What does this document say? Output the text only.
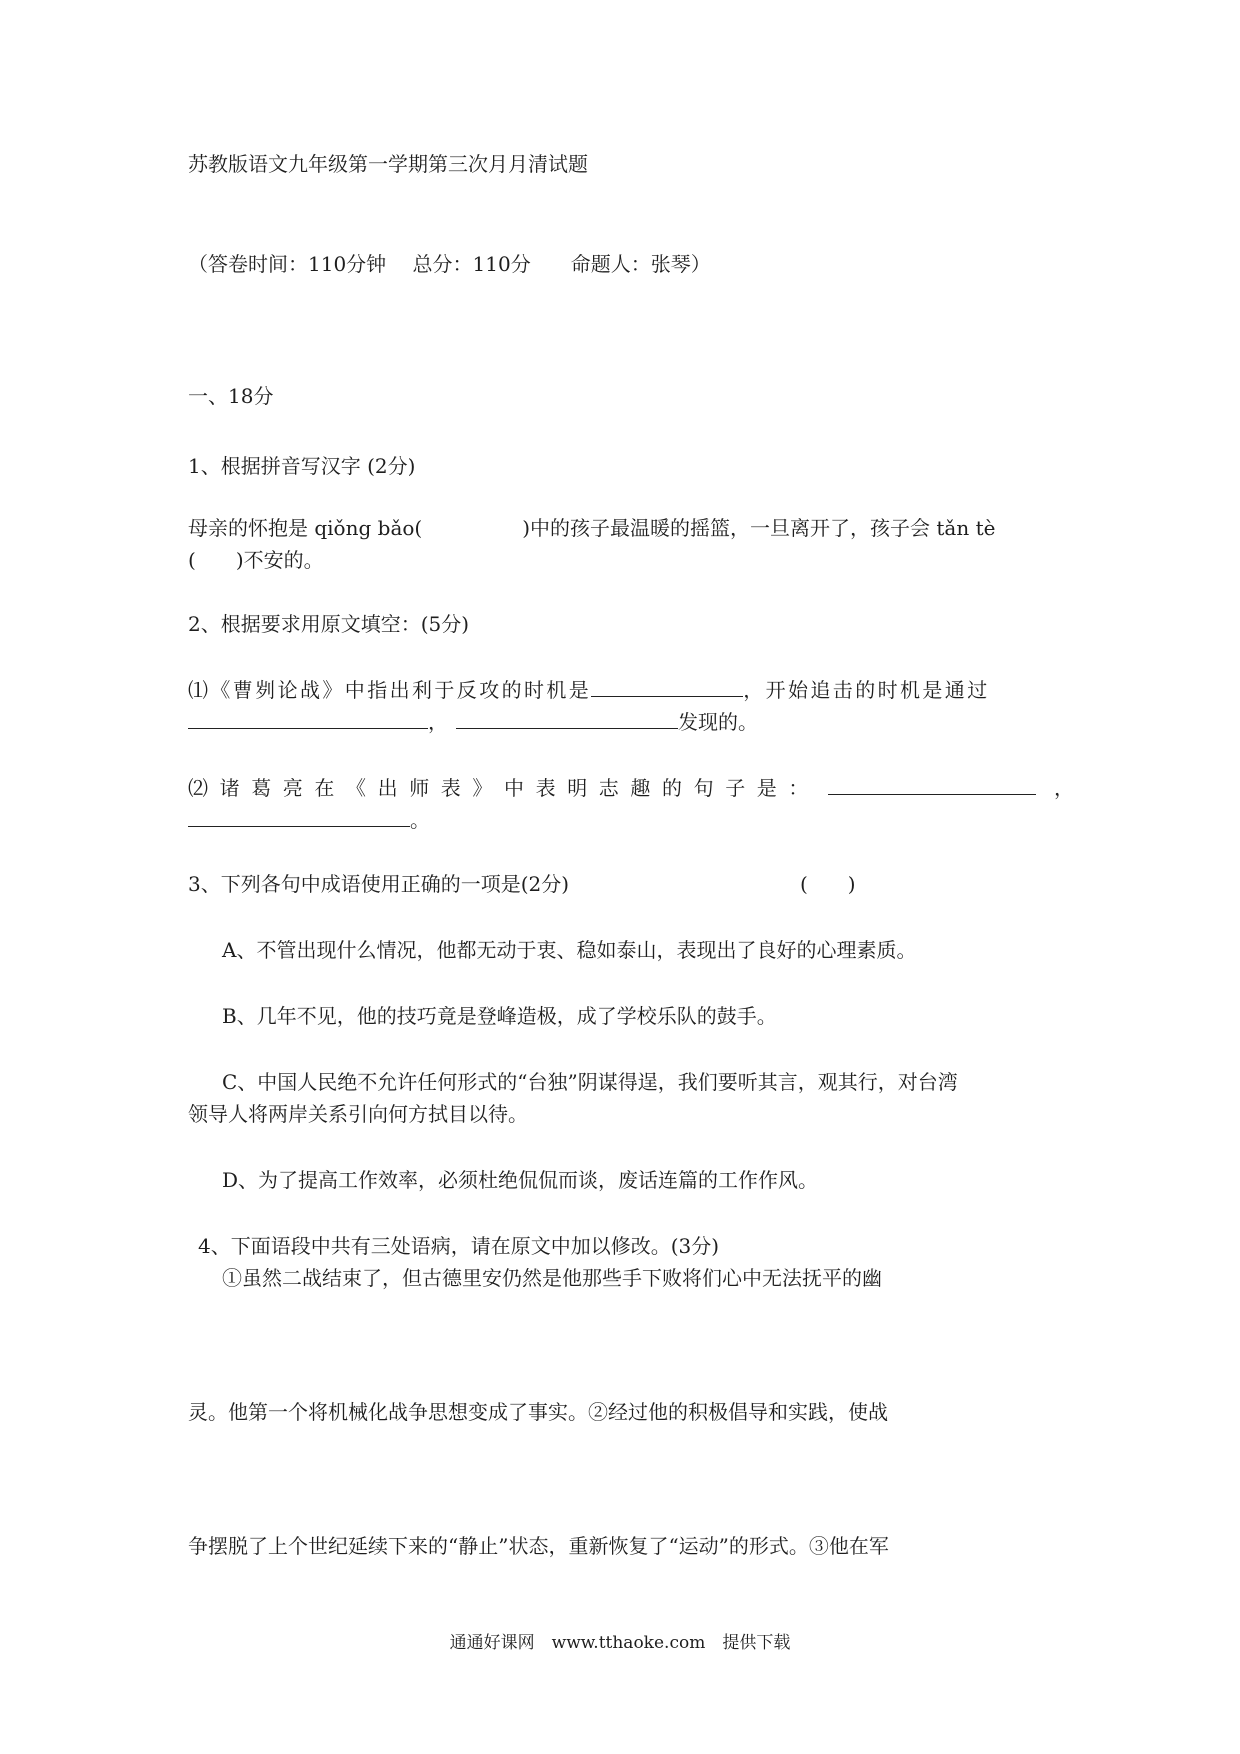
苏教版语文九年级第一学期第三次月月清试题
（答卷时间：110分钟　 总分：110分　　命题人：张琴）
一、18分
1、根据拼音写汉字 (2分)
母亲的怀抱是 qiǒng bǎo(	)中的孩子最温暖的摇篮，一旦离开了，孩子会 tǎn tè
( )不安的。
2、根据要求用原文填空：(5分)
⑴《曹刿论战》中指出利于反攻的时机是	，开始追击的时机是通过
，	发现的。
⑵诸葛亮在《出师表》中表明志趣的句子是：	，
。
3、下列各句中成语使用正确的一项是(2分)	(　　)
A、不管出现什么情况，他都无动于衷、稳如泰山，表现出了良好的心理素质。
B、几年不见，他的技巧竟是登峰造极，成了学校乐队的鼓手。
C、中国人民绝不允许任何形式的“台独”阴谋得逞，我们要听其言，观其行，对台湾
领导人将两岸关系引向何方拭目以待。
D、为了提高工作效率，必须杜绝侃侃而谈，废话连篇的工作作风。
4、下面语段中共有三处语病，请在原文中加以修改。(3分)
①虽然二战结束了，但古德里安仍然是他那些手下败将们心中无法抚平的幽
灵。他第一个将机械化战争思想变成了事实。②经过他的积极倡导和实践，使战
争摆脱了上个世纪延续下来的“静止”状态，重新恢复了“运动”的形式。③他在军
通通好课网　www.tthaoke.com　提供下载
